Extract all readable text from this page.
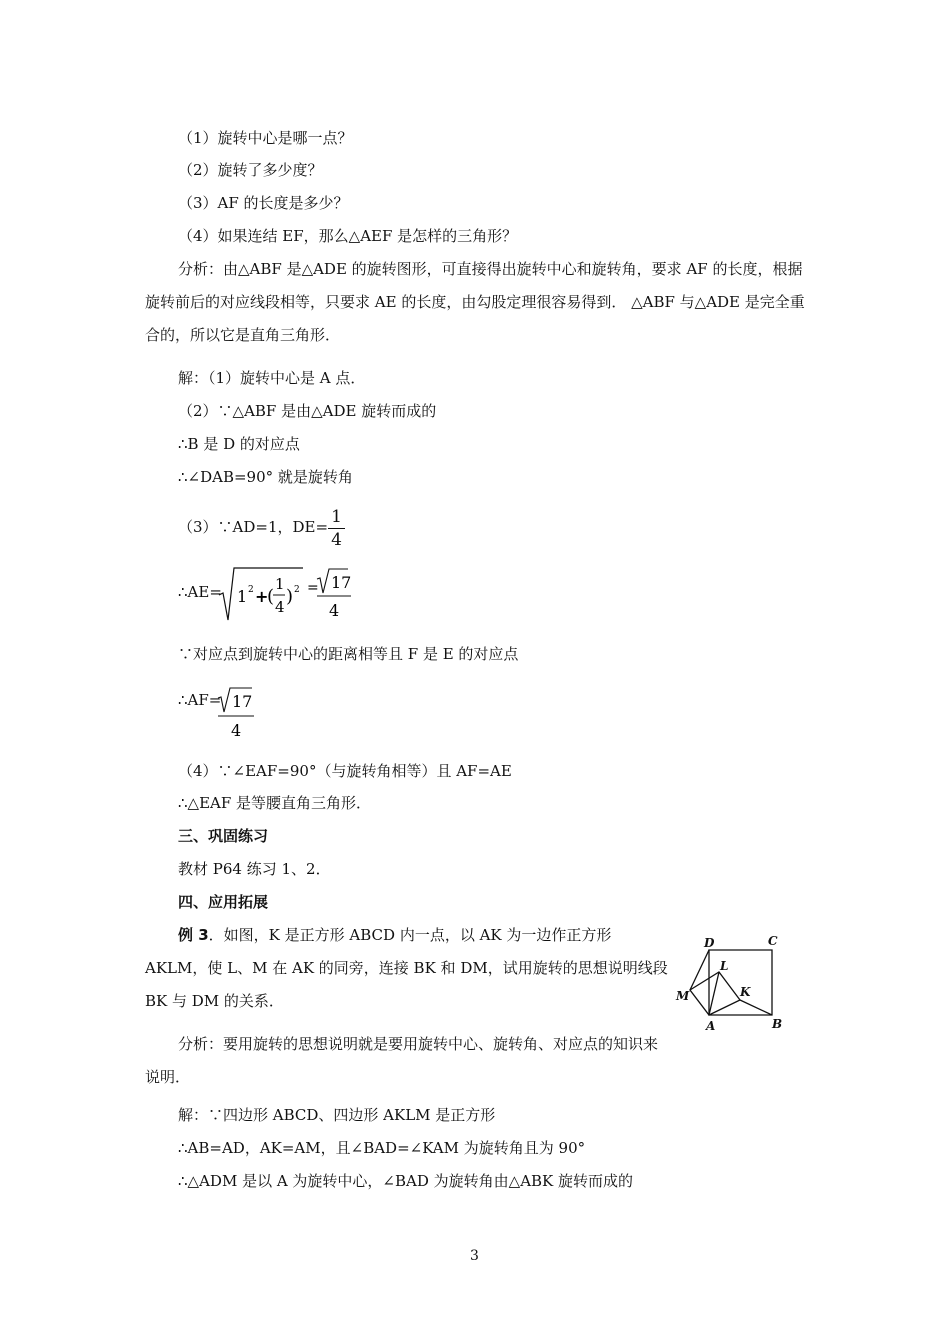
（1）旋转中心是哪一点？
（2）旋转了多少度？
（3）AF 的长度是多少？
（4）如果连结 EF，那么△AEF 是怎样的三角形？
分析：由△ABF 是△ADE 的旋转图形，可直接得出旋转中心和旋转角，要求 AF 的长度，根据旋转前后的对应线段相等，只要求 AE 的长度，由勾股定理很容易得到． △ABF 与△ADE 是完全重合的，所以它是直角三角形．
解：（1）旋转中心是 A 点．
（2）∵△ABF 是由△ADE 旋转而成的
∴B 是 D 的对应点
∴∠DAB=90° 就是旋转角
（3）∵AD=1，$DE= \frac{1}{4}$
∴AE= 1 2 +
(
1
4 ) 2 = 17
4
∵对应点到旋转中心的距离相等且 F 是 E 的对应点
∴AF= 17
4
（4）∵∠EAF=90°（与旋转角相等）且 AF=AE
∴△EAF 是等腰直角三角形．
三、巩固练习
教材 P64 练习 1、2．
四、应用拓展
例 3．如图，K 是正方形 ABCD 内一点，以 AK 为一边作正方形 AKLM，使 L、M 在 AK 的同旁，连接 BK 和 DM，试用旋转的思想说明线段 BK 与 DM 的关系．
D	C
L
M	K
A	B
分析：要用旋转的思想说明就是要用旋转中心、旋转角、对应点的知识来说明．
解：∵四边形 ABCD、四边形 AKLM 是正方形
∴AB=AD，AK=AM，且∠BAD=∠KAM 为旋转角且为 90°
∴△ADM 是以 A 为旋转中心，∠BAD 为旋转角由△ABK 旋转而成的
3
